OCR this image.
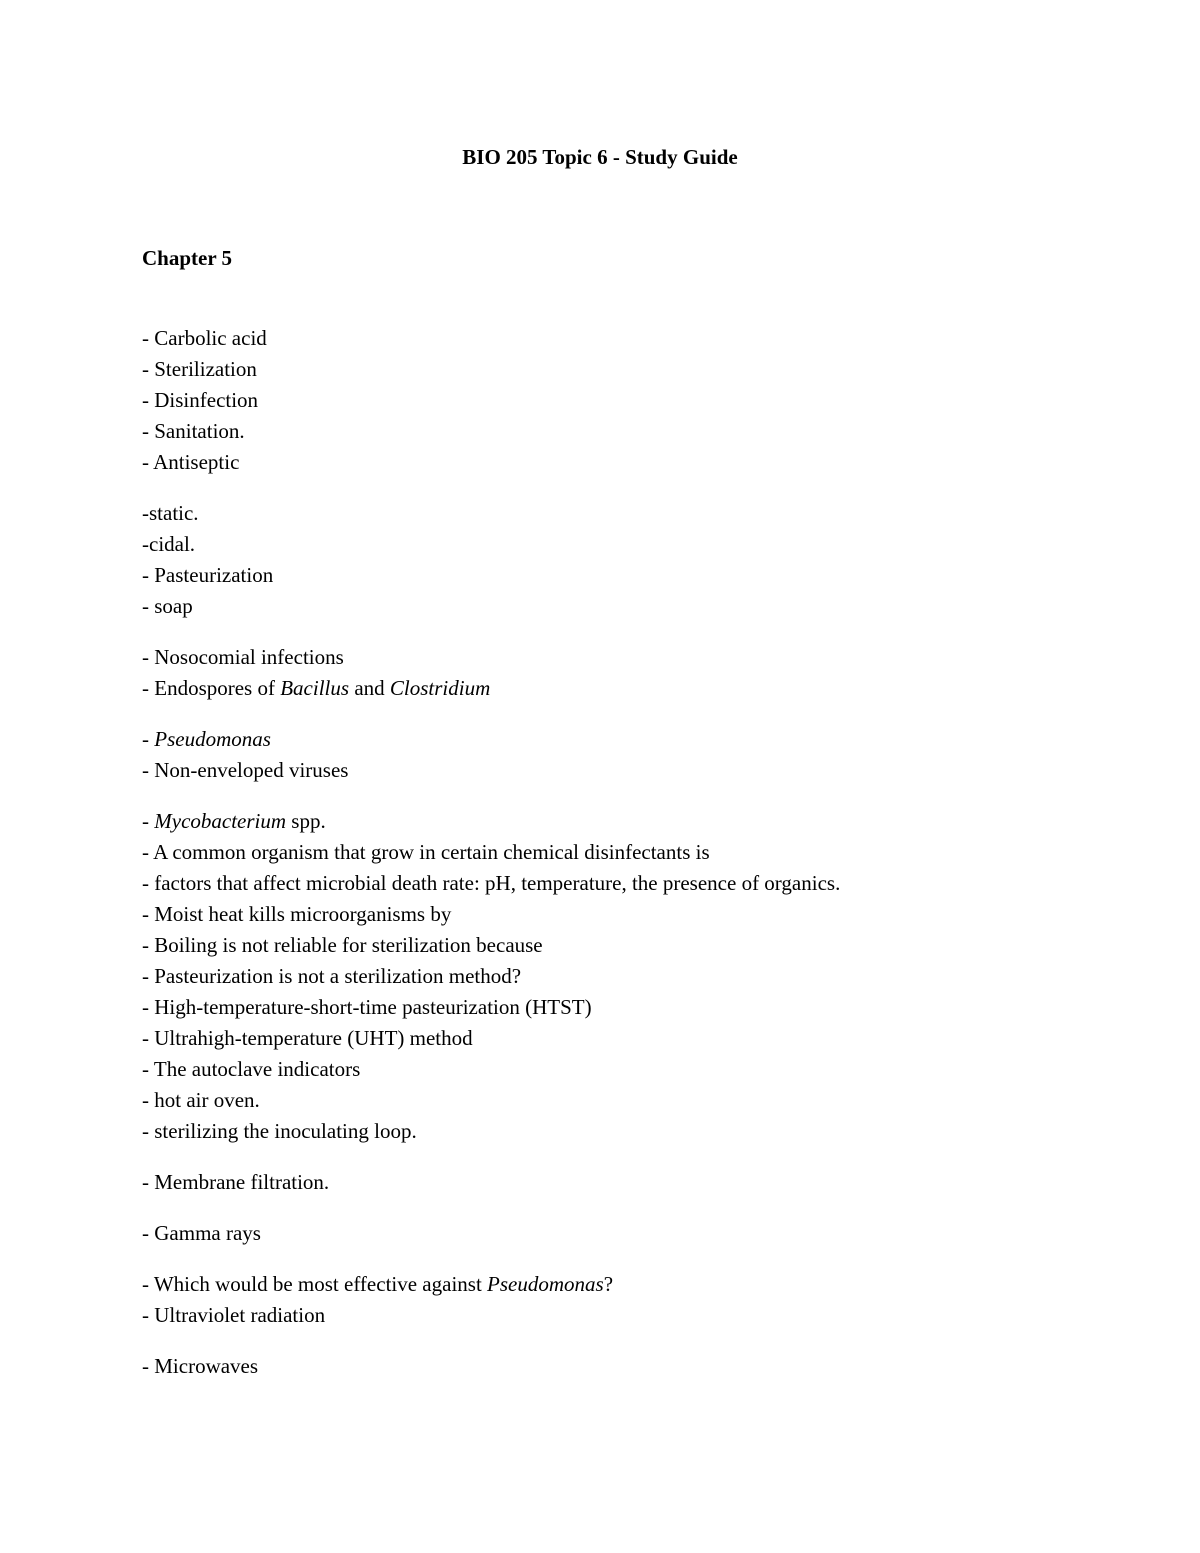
BIO 205 Topic 6 - Study Guide
Chapter 5
- Carbolic acid
- Sterilization
- Disinfection
- Sanitation.
- Antiseptic
-static.
-cidal.
- Pasteurization
- soap
- Nosocomial infections
- Endospores of Bacillus and Clostridium
- Pseudomonas
- Non-enveloped viruses
- Mycobacterium spp.
- A common organism that grow in certain chemical disinfectants is
- factors that affect microbial death rate: pH, temperature, the presence of organics.
- Moist heat kills microorganisms by
- Boiling is not reliable for sterilization because
- Pasteurization is not a sterilization method?
- High-temperature-short-time pasteurization (HTST)
- Ultrahigh-temperature (UHT) method
- The autoclave indicators
- hot air oven.
- sterilizing the inoculating loop.
- Membrane filtration.
- Gamma rays
- Which would be most effective against Pseudomonas?
- Ultraviolet radiation
- Microwaves
